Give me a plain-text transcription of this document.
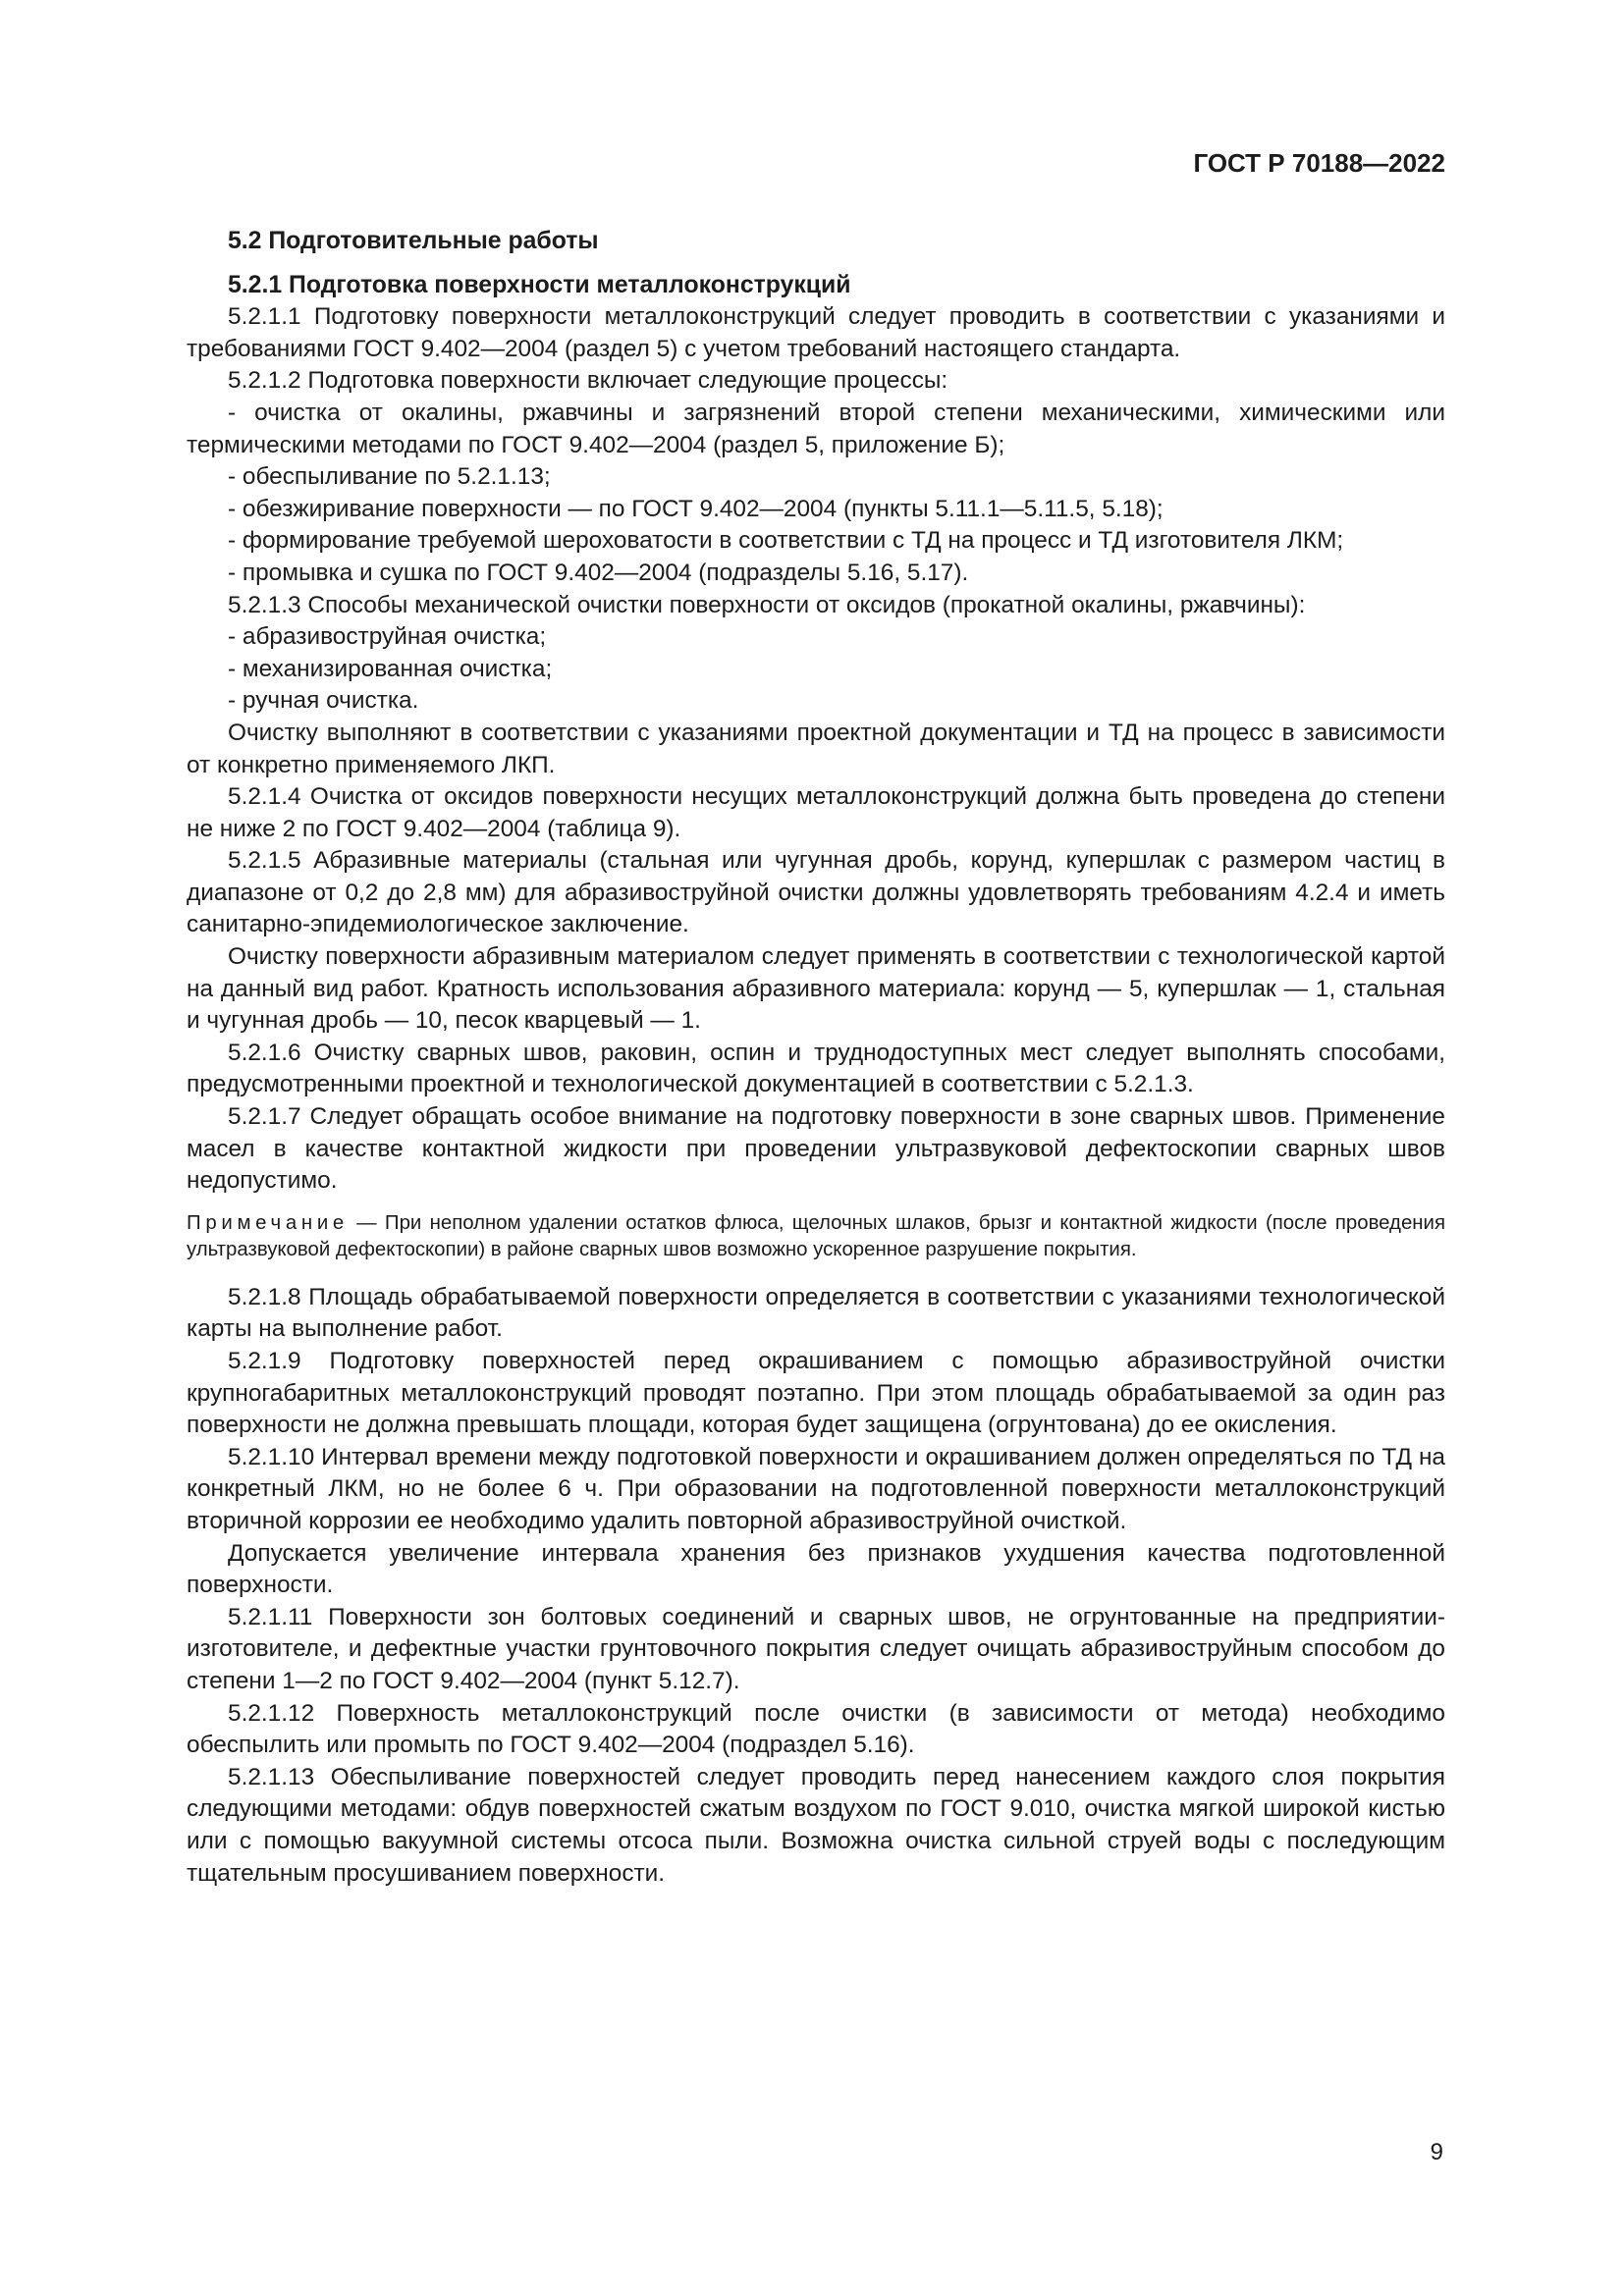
ГОСТ Р 70188—2022
5.2 Подготовительные работы
5.2.1 Подготовка поверхности металлоконструкций
5.2.1.1 Подготовку поверхности металлоконструкций следует проводить в соответствии с указаниями и требованиями ГОСТ 9.402—2004 (раздел 5) с учетом требований настоящего стандарта.
5.2.1.2 Подготовка поверхности включает следующие процессы:
- очистка от окалины, ржавчины и загрязнений второй степени механическими, химическими или термическими методами по ГОСТ 9.402—2004 (раздел 5, приложение Б);
- обеспыливание по 5.2.1.13;
- обезжиривание поверхности — по ГОСТ 9.402—2004 (пункты 5.11.1—5.11.5, 5.18);
- формирование требуемой шероховатости в соответствии с ТД на процесс и ТД изготовителя ЛКМ;
- промывка и сушка по ГОСТ 9.402—2004 (подразделы 5.16, 5.17).
5.2.1.3 Способы механической очистки поверхности от оксидов (прокатной окалины, ржавчины):
- абразивоструйная очистка;
- механизированная очистка;
- ручная очистка.
Очистку выполняют в соответствии с указаниями проектной документации и ТД на процесс в зависимости от конкретно применяемого ЛКП.
5.2.1.4 Очистка от оксидов поверхности несущих металлоконструкций должна быть проведена до степени не ниже 2 по ГОСТ 9.402—2004 (таблица 9).
5.2.1.5 Абразивные материалы (стальная или чугунная дробь, корунд, купершлак с размером частиц в диапазоне от 0,2 до 2,8 мм) для абразивоструйной очистки должны удовлетворять требованиям 4.2.4 и иметь санитарно-эпидемиологическое заключение.
Очистку поверхности абразивным материалом следует применять в соответствии с технологической картой на данный вид работ. Кратность использования абразивного материала: корунд — 5, купершлак — 1, стальная и чугунная дробь — 10, песок кварцевый — 1.
5.2.1.6 Очистку сварных швов, раковин, оспин и труднодоступных мест следует выполнять способами, предусмотренными проектной и технологической документацией в соответствии с 5.2.1.3.
5.2.1.7 Следует обращать особое внимание на подготовку поверхности в зоне сварных швов. Применение масел в качестве контактной жидкости при проведении ультразвуковой дефектоскопии сварных швов недопустимо.
Примечание — При неполном удалении остатков флюса, щелочных шлаков, брызг и контактной жидкости (после проведения ультразвуковой дефектоскопии) в районе сварных швов возможно ускоренное разрушение покрытия.
5.2.1.8 Площадь обрабатываемой поверхности определяется в соответствии с указаниями технологической карты на выполнение работ.
5.2.1.9 Подготовку поверхностей перед окрашиванием с помощью абразивоструйной очистки крупногабаритных металлоконструкций проводят поэтапно. При этом площадь обрабатываемой за один раз поверхности не должна превышать площади, которая будет защищена (огрунтована) до ее окисления.
5.2.1.10 Интервал времени между подготовкой поверхности и окрашиванием должен определяться по ТД на конкретный ЛКМ, но не более 6 ч. При образовании на подготовленной поверхности металлоконструкций вторичной коррозии ее необходимо удалить повторной абразивоструйной очисткой.
Допускается увеличение интервала хранения без признаков ухудшения качества подготовленной поверхности.
5.2.1.11 Поверхности зон болтовых соединений и сварных швов, не огрунтованные на предприятии-изготовителе, и дефектные участки грунтовочного покрытия следует очищать абразивоструйным способом до степени 1—2 по ГОСТ 9.402—2004 (пункт 5.12.7).
5.2.1.12 Поверхность металлоконструкций после очистки (в зависимости от метода) необходимо обеспылить или промыть по ГОСТ 9.402—2004 (подраздел 5.16).
5.2.1.13 Обеспыливание поверхностей следует проводить перед нанесением каждого слоя покрытия следующими методами: обдув поверхностей сжатым воздухом по ГОСТ 9.010, очистка мягкой широкой кистью или с помощью вакуумной системы отсоса пыли. Возможна очистка сильной струей воды с последующим тщательным просушиванием поверхности.
9
